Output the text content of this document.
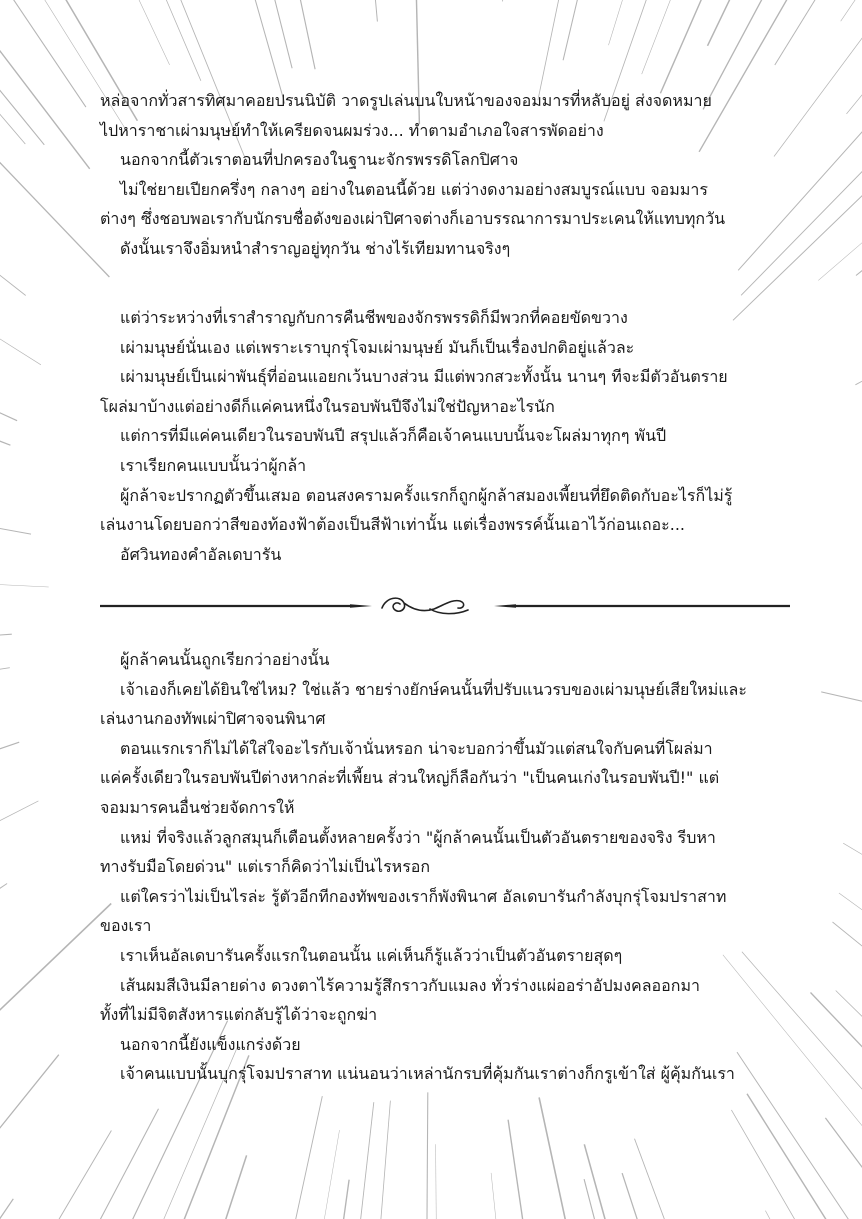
หล่อจากทั่วสารทิศมาคอยปรนนิบัติ วาดรูปเล่นบนใบหน้าของจอมมารที่หลับอยู่ ส่งจดหมาย
ไปหาราชาเผ่ามนุษย์ทำให้เครียดจนผมร่วง... ทำตามอำเภอใจสารพัดอย่าง
นอกจากนี้ตัวเราตอนที่ปกครองในฐานะจักรพรรดิโลกปิศาจ
ไม่ใช่ยายเปียกครึ่งๆ กลางๆ อย่างในตอนนี้ด้วย แต่ว่างดงามอย่างสมบูรณ์แบบ จอมมาร
ต่างๆ ซึ่งชอบพอเรากับนักรบชื่อดังของเผ่าปิศาจต่างก็เอาบรรณาการมาประเคนให้แทบทุกวัน
ดังนั้นเราจึงอิ่มหนำสำราญอยู่ทุกวัน ช่างไร้เทียมทานจริงๆ
แต่ว่าระหว่างที่เราสำราญกับการคืนชีพของจักรพรรดิก็มีพวกที่คอยขัดขวาง
เผ่ามนุษย์นั่นเอง แต่เพราะเราบุกรุ่โจมเผ่ามนุษย์ มันก็เป็นเรื่องปกติอยู่แล้วละ
เผ่ามนุษย์เป็นเผ่าพันธุ์ที่อ่อนแอยกเว้นบางส่วน มีแต่พวกสวะทั้งนั้น นานๆ ทีจะมีตัวอันตราย
โผล่มาบ้างแต่อย่างดีก็แค่คนหนึ่งในรอบพันปีจึงไม่ใช่ปัญหาอะไรนัก
แต่การที่มีแค่คนเดียวในรอบพันปี สรุปแล้วก็คือเจ้าคนแบบนั้นจะโผล่มาทุกๆ พันปี
เราเรียกคนแบบนั้นว่าผู้กล้า
ผู้กล้าจะปรากฏตัวขึ้นเสมอ ตอนสงครามครั้งแรกก็ถูกผู้กล้าสมองเพี้ยนที่ยึดติดกับอะไรก็ไม่รู้
เล่นงานโดยบอกว่าสีของท้องฟ้าต้องเป็นสีฟ้าเท่านั้น แต่เรื่องพรรค์นั้นเอาไว้ก่อนเถอะ...
อัศวินทองคำอัลเดบารัน
ผู้กล้าคนนั้นถูกเรียกว่าอย่างนั้น
เจ้าเองก็เคยได้ยินใช่ไหม? ใช่แล้ว ชายร่างยักษ์คนนั้นที่ปรับแนวรบของเผ่ามนุษย์เสียใหม่และ
เล่นงานกองทัพเผ่าปิศาจจนพินาศ
ตอนแรกเราก็ไม่ได้ใส่ใจอะไรกับเจ้านั่นหรอก น่าจะบอกว่าขึ้นมัวแต่สนใจกับคนที่โผล่มา
แค่ครั้งเดียวในรอบพันปีต่างหากล่ะที่เพี้ยน ส่วนใหญ่ก็ลือกันว่า "เป็นคนเก่งในรอบพันปี!" แต่
จอมมารคนอื่นช่วยจัดการให้
แหม่ ที่จริงแล้วลูกสมุนก็เตือนตั้งหลายครั้งว่า "ผู้กล้าคนนั้นเป็นตัวอันตรายของจริง รีบหา
ทางรับมือโดยด่วน" แต่เราก็คิดว่าไม่เป็นไรหรอก
แต่ใครว่าไม่เป็นไรล่ะ รู้ตัวอีกทีกองทัพของเราก็พังพินาศ อัลเดบารันกำลังบุกรุ่โจมปราสาท
ของเรา
เราเห็นอัลเดบารันครั้งแรกในตอนนั้น แค่เห็นก็รู้แล้วว่าเป็นตัวอันตรายสุดๆ
เส้นผมสีเงินมีลายด่าง ดวงตาไร้ความรู้สึกราวกับแมลง ทั่วร่างแผ่ออร่าอัปมงคลออกมา
ทั้งที่ไม่มีจิตสังหารแต่กลับรู้ได้ว่าจะถูกฆ่า
นอกจากนี้ยังแข็งแกร่งด้วย
เจ้าคนแบบนั้นบุกรุ่โจมปราสาท แน่นอนว่าเหล่านักรบที่คุ้มกันเราต่างก็กรูเข้าใส่ ผู้คุ้มกันเรา
